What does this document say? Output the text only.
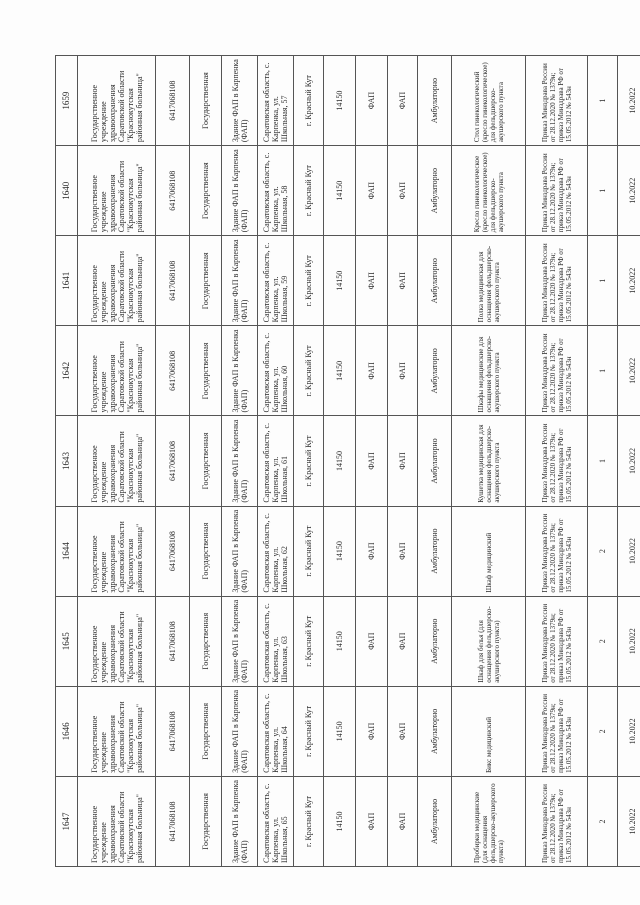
1647	1646	1645	1644	1643	1642	1641	1640	1659
Государственное учреждение здравоохранения Саратовской области "Краснокутская районная больница"	Государственное учреждение здравоохранения Саратовской области "Краснокутская районная больница"	Государственное учреждение здравоохранения Саратовской области "Краснокутская районная больница"	Государственное учреждение здравоохранения Саратовской области "Краснокутская районная больница"	Государственное учреждение здравоохранения Саратовской области "Краснокутская районная больница"	Государственное учреждение здравоохранения Саратовской области "Краснокутская районная больница"	Государственное учреждение здравоохранения Саратовской области "Краснокутская районная больница"	Государственное учреждение здравоохранения Саратовской области "Краснокутская районная больница"	Государственное учреждение здравоохранения Саратовской области "Краснокутская районная больница"
6417068108	6417068108	6417068108	6417068108	6417068108	6417068108	6417068108	6417068108	6417068108
Государственная	Государственная	Государственная	Государственная	Государственная	Государственная	Государственная	Государственная	Государственная
Здание ФАП в Карпенка (ФАП)	Здание ФАП в Карпенка (ФАП)	Здание ФАП в Карпенка (ФАП)	Здание ФАП в Карпенка (ФАП)	Здание ФАП в Карпенка (ФАП)	Здание ФАП в Карпенка (ФАП)	Здание ФАП в Карпенка (ФАП)	Здание ФАП в Карпенка (ФАП)	Здание ФАП в Карпенка (ФАП)
Саратовская область, с. Карпенка, ул. Школьная, 65	Саратовская область, с. Карпенка, ул. Школьная, 64	Саратовская область, с. Карпенка, ул. Школьная, 63	Саратовская область, с. Карпенка, ул. Школьная, 62	Саратовская область, с. Карпенка, ул. Школьная, 61	Саратовская область, с. Карпенка, ул. Школьная, 60	Саратовская область, с. Карпенка, ул. Школьная, 59	Саратовская область, с. Карпенка, ул. Школьная, 58	Саратовская область, с. Карпенка, ул. Школьная, 57
г. Красный Кут	г. Красный Кут	г. Красный Кут	г. Красный Кут	г. Красный Кут	г. Красный Кут	г. Красный Кут	г. Красный Кут	г. Красный Кут
14150	14150	14150	14150	14150	14150	14150	14150	14150
ФАП	ФАП	ФАП	ФАП	ФАП	ФАП	ФАП	ФАП	ФАП
ФАП	ФАП	ФАП	ФАП	ФАП	ФАП	ФАП	ФАП	ФАП
Амбулаторно	Амбулаторно	Амбулаторно	Амбулаторно	Амбулаторно	Амбулаторно	Амбулаторно	Амбулаторно	Амбулаторно
Пробирки медицинские (для оснащения фельдшерско-акушерского пункта)	Бикс медицинский	Шкаф для белья (для оснащения фельдшерско-акушерского пункта)	Шкаф медицинский	Кушетка медицинская для оснащения фельдшерско-акушерского пункта	Шкафы медицинские для оснащения фельдшерско-акушерского пункта	Полка медицинская для оснащения фельдшерско-акушерского пункта	Кресло гинекологическое (кресло гинекологическое) для фельдшерско-акушерского пункта	Стол гинекологический (кресло гинекологическое) для фельдшерско-акушерского пункта
Приказ Минздрава России от 28.12.2020 № 1379н; приказ Минздрава РФ от 15.05.2012 № 543н	Приказ Минздрава России от 28.12.2020 № 1379н; приказ Минздрава РФ от 15.05.2012 № 543н	Приказ Минздрава России от 28.12.2020 № 1379н; приказ Минздрава РФ от 15.05.2012 № 543н	Приказ Минздрава России от 28.12.2020 № 1379н; приказ Минздрава РФ от 15.05.2012 № 543н	Приказ Минздрава России от 28.12.2020 № 1379н; приказ Минздрава РФ от 15.05.2012 № 543н	Приказ Минздрава России от 28.12.2020 № 1379н; приказ Минздрава РФ от 15.05.2012 № 543н	Приказ Минздрава России от 28.12.2020 № 1379н; приказ Минздрава РФ от 15.05.2012 № 543н	Приказ Минздрава России от 28.12.2020 № 1379н; приказ Минздрава РФ от 15.05.2012 № 543н	Приказ Минздрава России от 28.12.2020 № 1379н; приказ Минздрава РФ от 15.05.2012 № 543н
2	2	2	2	1	1	1	1	1
10.2022	10.2022	10.2022	10.2022	10.2022	10.2022	10.2022	10.2022	10.2022
